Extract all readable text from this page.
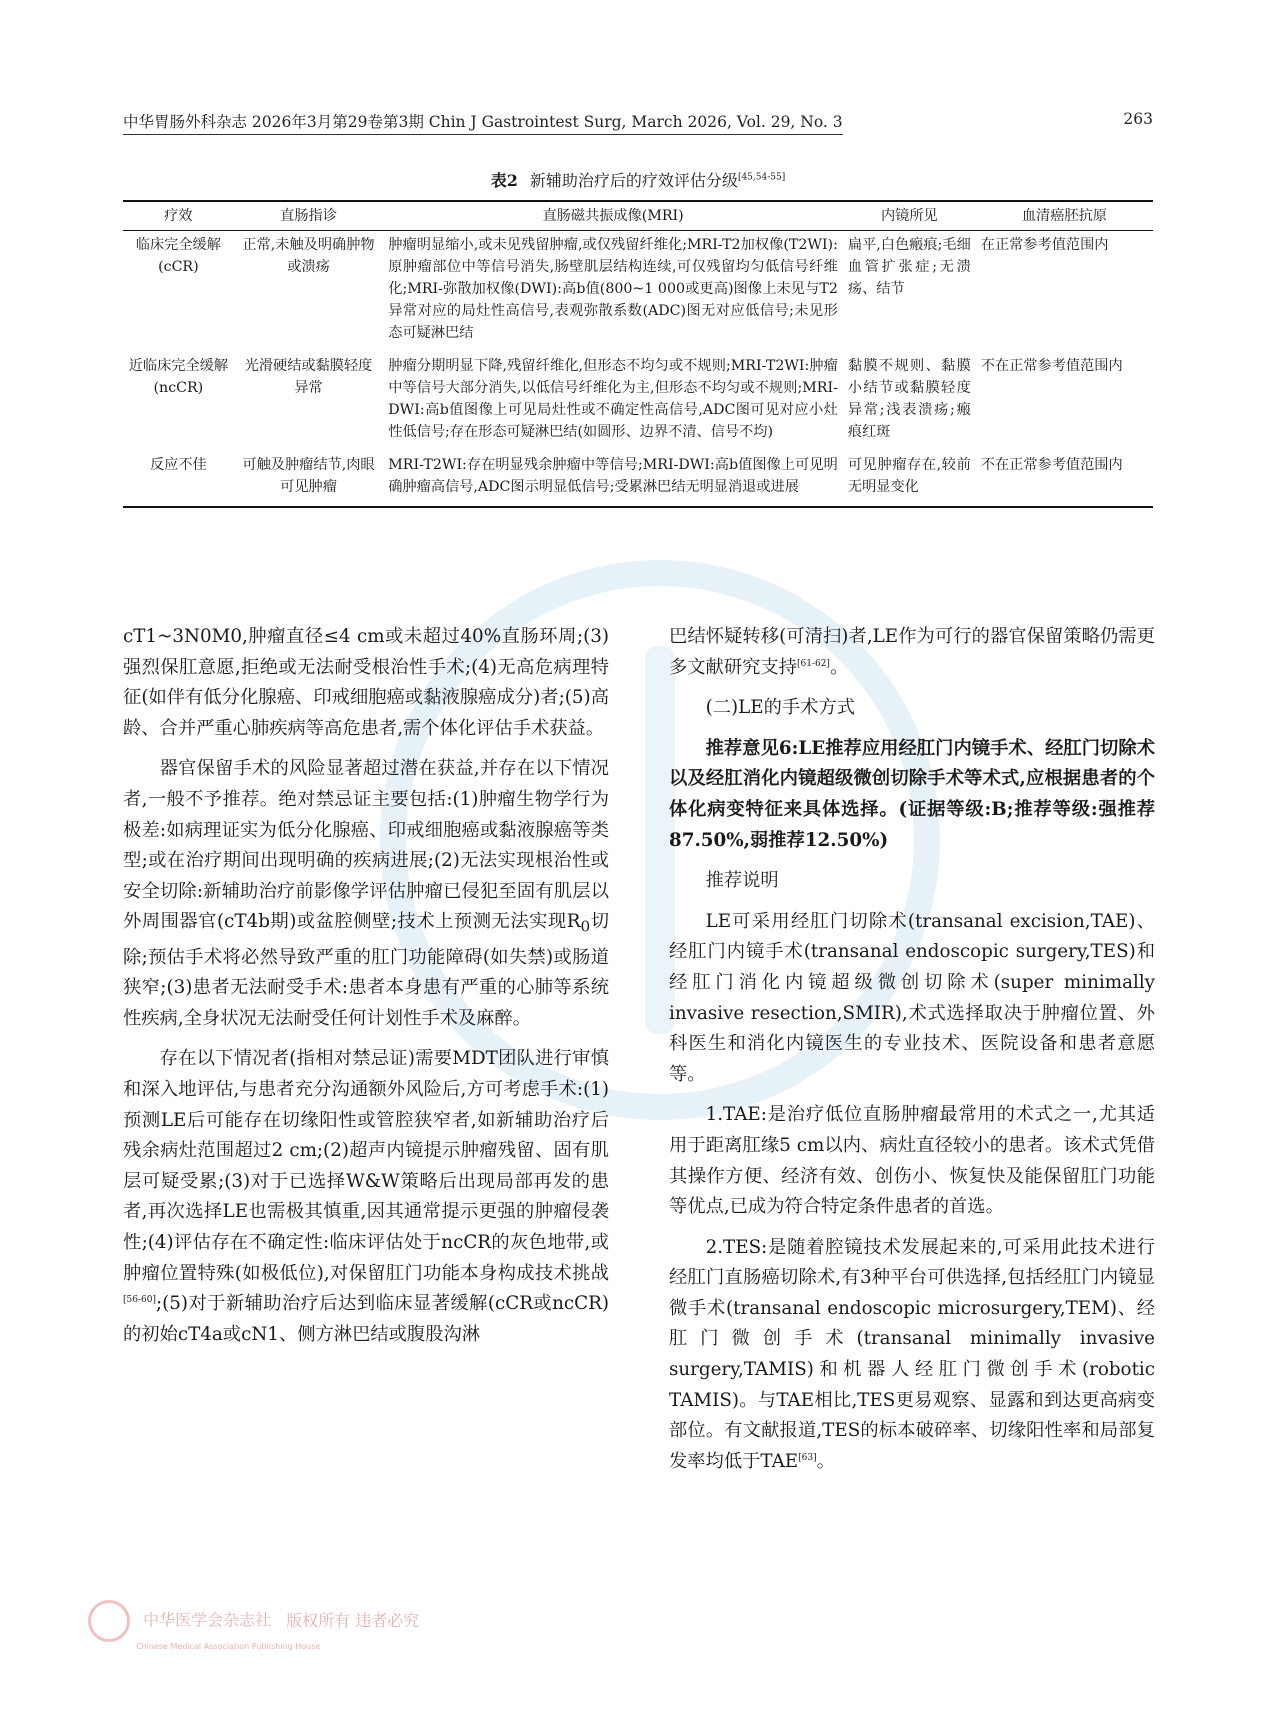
中华胃肠外科杂志 2026年3月第29卷第3期 Chin J Gastrointest Surg, March 2026, Vol. 29, No. 3	263
表2 新辅助治疗后的疗效评估分级[45,54-55]
疗效	直肠指诊	直肠磁共振成像(MRI)	内镜所见	血清癌胚抗原
临床完全缓解(cCR)	正常,未触及明确肿物或溃疡	肿瘤明显缩小,或未见残留肿瘤,或仅残留纤维化;MRI-T2加权像(T2WI):原肿瘤部位中等信号消失,肠壁肌层结构连续,可仅残留均匀低信号纤维化;MRI-弥散加权像(DWI):高b值(800~1 000或更高)图像上未见与T2异常对应的局灶性高信号,表观弥散系数(ADC)图无对应低信号;未见形态可疑淋巴结	扁平,白色瘢痕;毛细血管扩张症;无溃疡、结节	在正常参考值范围内
近临床完全缓解(ncCR)	光滑硬结或黏膜轻度异常	肿瘤分期明显下降,残留纤维化,但形态不均匀或不规则;MRI-T2WI:肿瘤中等信号大部分消失,以低信号纤维化为主,但形态不均匀或不规则;MRI-DWI:高b值图像上可见局灶性或不确定性高信号,ADC图可见对应小灶性低信号;存在形态可疑淋巴结(如圆形、边界不清、信号不均)	黏膜不规则、黏膜小结节或黏膜轻度异常;浅表溃疡;瘢痕红斑	不在正常参考值范围内
反应不佳	可触及肿瘤结节,肉眼可见肿瘤	MRI-T2WI:存在明显残余肿瘤中等信号;MRI-DWI:高b值图像上可见明确肿瘤高信号,ADC图示明显低信号;受累淋巴结无明显消退或进展	可见肿瘤存在,较前无明显变化	不在正常参考值范围内

cT1~3N0M0,肿瘤直径≤4 cm或未超过40%直肠环周;(3)强烈保肛意愿,拒绝或无法耐受根治性手术;(4)无高危病理特征(如伴有低分化腺癌、印戒细胞癌或黏液腺癌成分)者;(5)高龄、合并严重心肺疾病等高危患者,需个体化评估手术获益。

器官保留手术的风险显著超过潜在获益,并存在以下情况者,一般不予推荐。绝对禁忌证主要包括:(1)肿瘤生物学行为极差:如病理证实为低分化腺癌、印戒细胞癌或黏液腺癌等类型;或在治疗期间出现明确的疾病进展;(2)无法实现根治性或安全切除:新辅助治疗前影像学评估肿瘤已侵犯至固有肌层以外周围器官(cT4b期)或盆腔侧壁;技术上预测无法实现$R_0$切除;预估手术将必然导致严重的肛门功能障碍(如失禁)或肠道狭窄;(3)患者无法耐受手术:患者本身患有严重的心肺等系统性疾病,全身状况无法耐受任何计划性手术及麻醉。

存在以下情况者(指相对禁忌证)需要MDT团队进行审慎和深入地评估,与患者充分沟通额外风险后,方可考虑手术:(1)预测LE后可能存在切缘阳性或管腔狭窄者,如新辅助治疗后残余病灶范围超过2 cm;(2)超声内镜提示肿瘤残留、固有肌层可疑受累;(3)对于已选择W&W策略后出现局部再发的患者,再次选择LE也需极其慎重,因其通常提示更强的肿瘤侵袭性;(4)评估存在不确定性:临床评估处于ncCR的灰色地带,或肿瘤位置特殊(如极低位),对保留肛门功能本身构成技术挑战[56-60];(5)对于新辅助治疗后达到临床显著缓解(cCR或ncCR)的初始cT4a或cN1、侧方淋巴结或腹股沟淋

巴结怀疑转移(可清扫)者,LE作为可行的器官保留策略仍需更多文献研究支持[61-62]。

(二)LE的手术方式

推荐意见6:LE推荐应用经肛门内镜手术、经肛门切除术以及经肛消化内镜超级微创切除手术等术式,应根据患者的个体化病变特征来具体选择。(证据等级:B;推荐等级:强推荐87.50%,弱推荐12.50%)

推荐说明

LE可采用经肛门切除术(transanal excision,TAE)、经肛门内镜手术(transanal endoscopic surgery,TES)和经肛门消化内镜超级微创切除术(super minimally invasive resection,SMIR),术式选择取决于肿瘤位置、外科医生和消化内镜医生的专业技术、医院设备和患者意愿等。

1.TAE:是治疗低位直肠肿瘤最常用的术式之一,尤其适用于距离肛缘5 cm以内、病灶直径较小的患者。该术式凭借其操作方便、经济有效、创伤小、恢复快及能保留肛门功能等优点,已成为符合特定条件患者的首选。

2.TES:是随着腔镜技术发展起来的,可采用此技术进行经肛门直肠癌切除术,有3种平台可供选择,包括经肛门内镜显微手术(transanal endoscopic microsurgery,TEM)、经肛门微创手术(transanal minimally invasive surgery,TAMIS)和机器人经肛门微创手术(robotic TAMIS)。与TAE相比,TES更易观察、显露和到达更高病变部位。有文献报道,TES的标本破碎率、切缘阳性率和局部复发率均低于TAE[63]。

中华医学会杂志社 版权所有 违者必究
Chinese Medical Association Publishing House
